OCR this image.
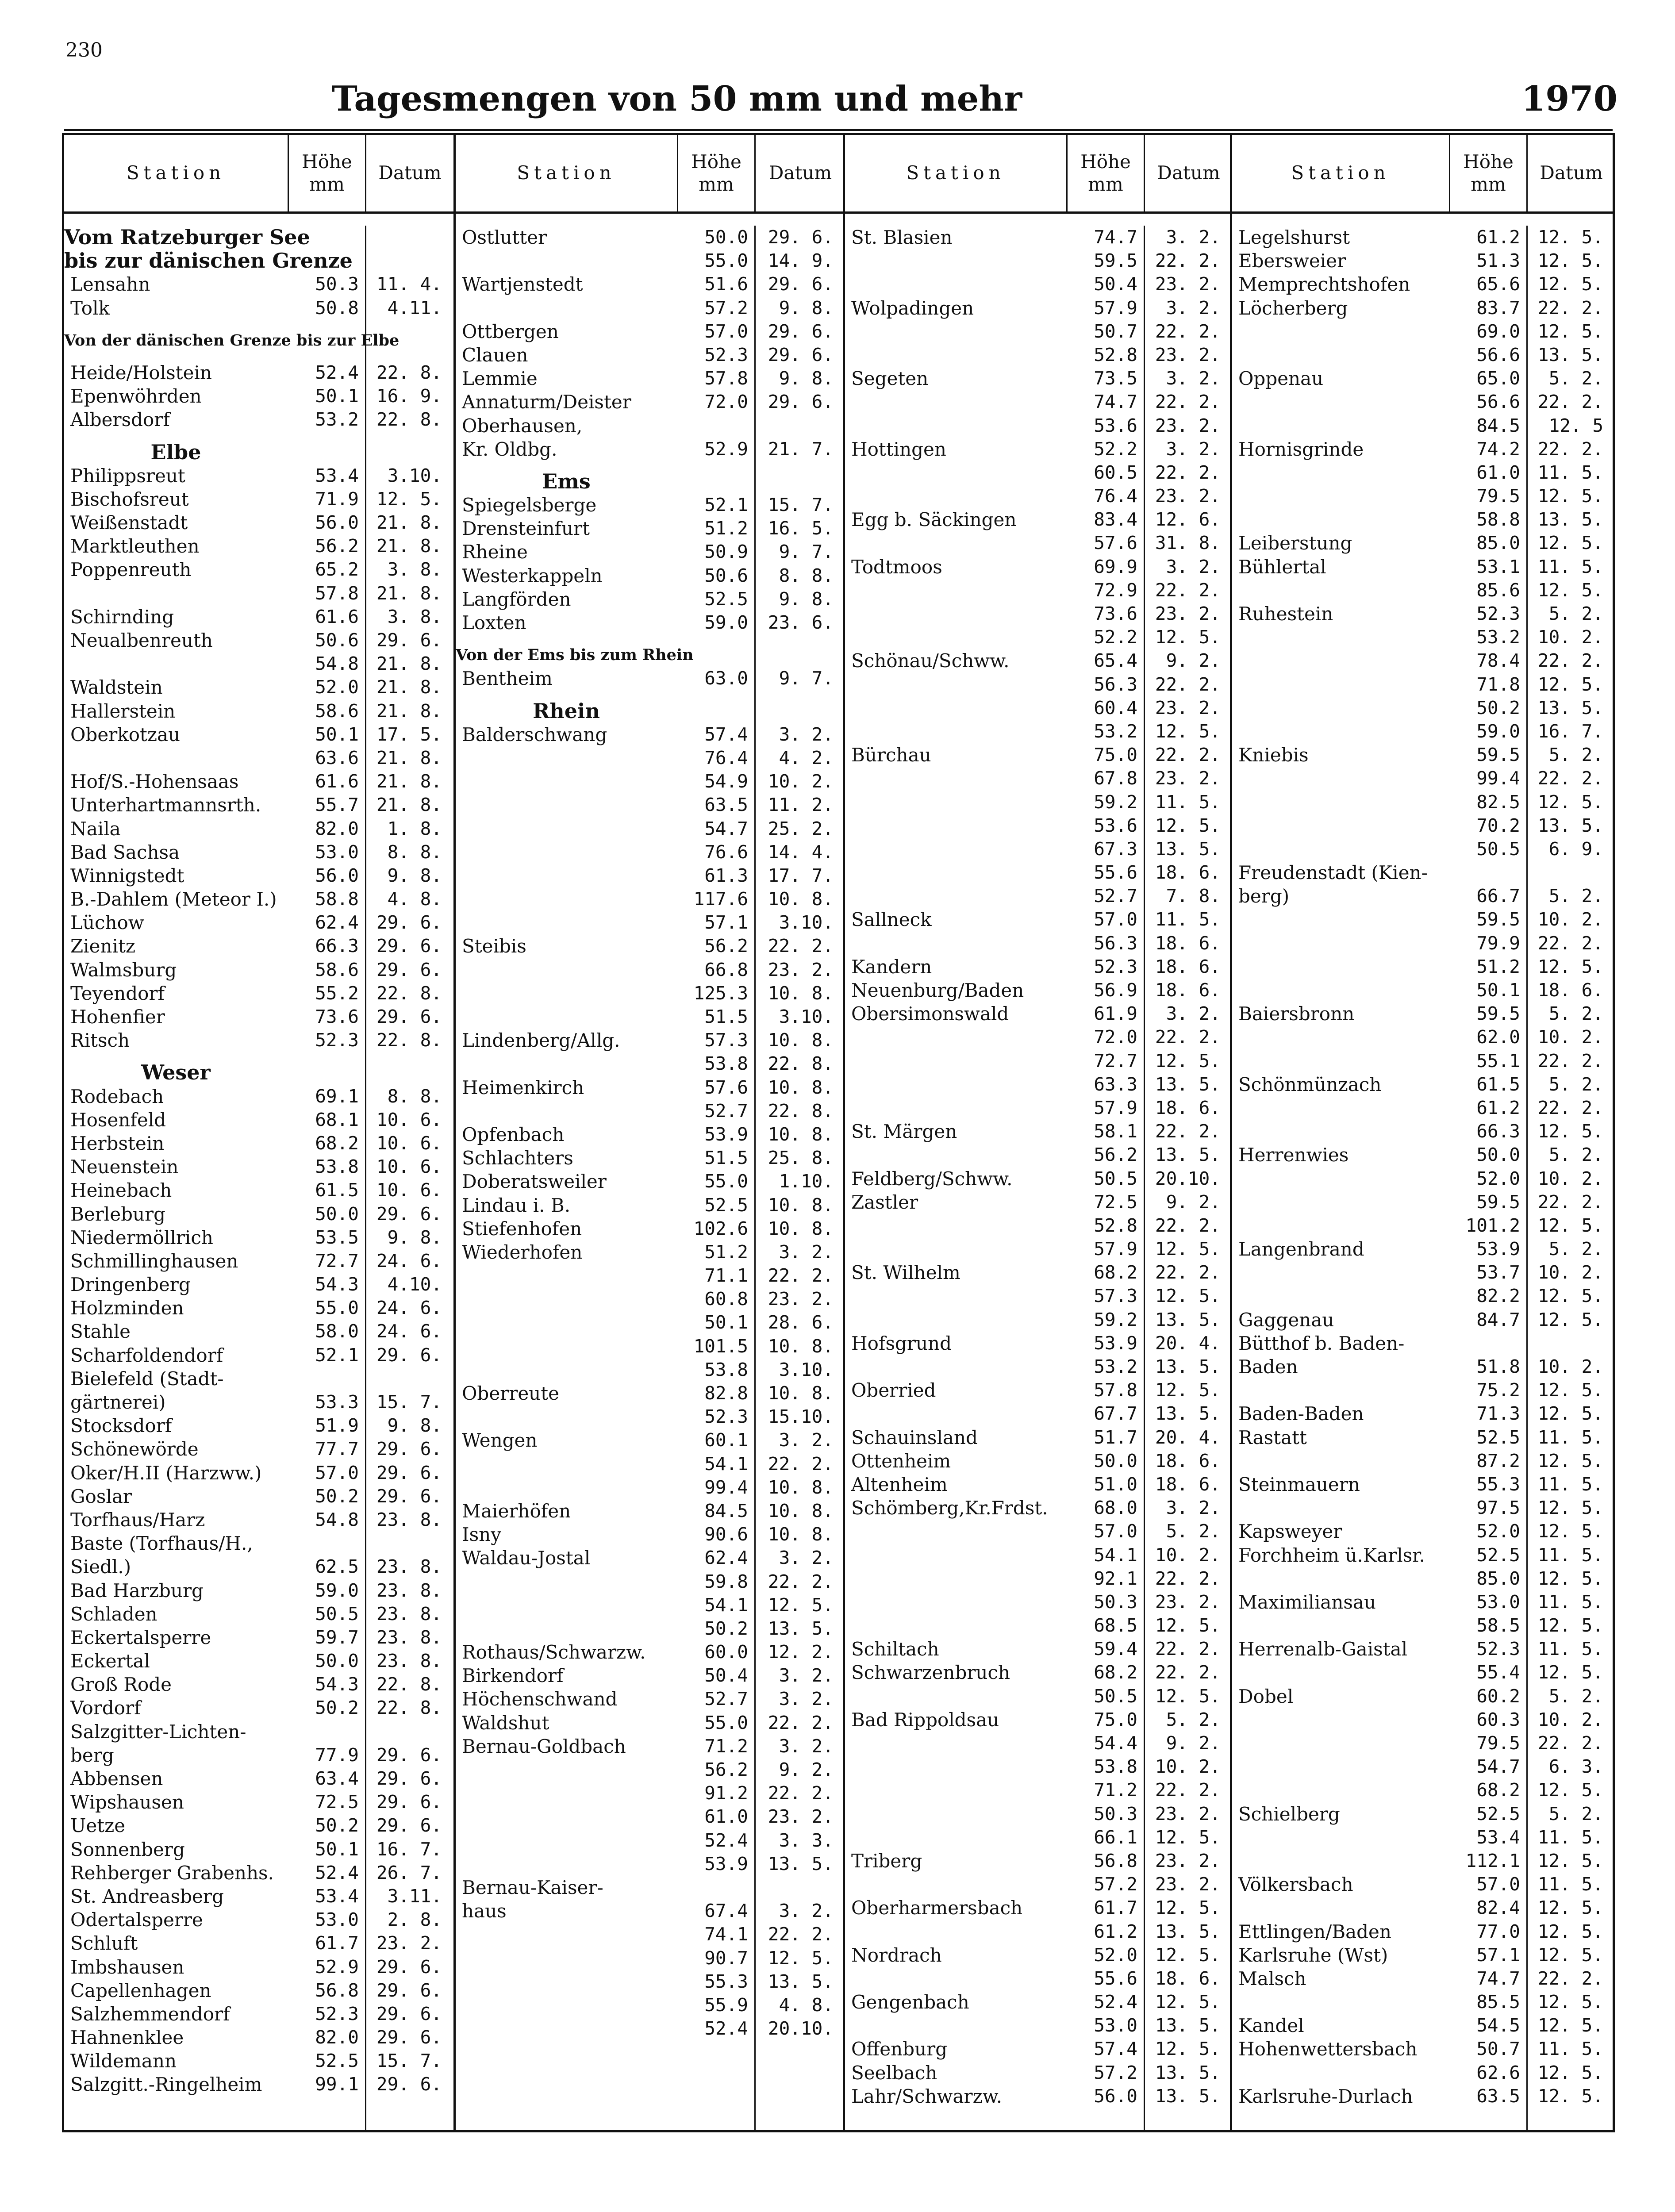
230
Tagesmengen von 50 mm und mehr	1970
Station
Höhe
mm
Datum
Vom Ratzeburger See
bis zur dänischen Grenze
Lensahn	50.3 11. 4.
Tolk	50.8	4.11.
Von der dänischen Grenze bis zur Elbe
Heide/Holstein	52.4 22. 8.
Epenwöhrden	50.1 16. 9.
Albersdorf	53.2 22. 8.
Elbe
Philippsreut	53.4	3.10.
Bischofsreut	71.9 12. 5.
Weißenstadt	56.0 21. 8.
Marktleuthen	56.2 21. 8.
Poppenreuth	65.2	3. 8.
57.8 21. 8.
Schirnding	61.6	3. 8.
Neualbenreuth	50.6 29. 6.
54.8 21. 8.
Waldstein	52.0 21. 8.
Hallerstein	58.6 21. 8.
Oberkotzau	50.1 17. 5.
63.6 21. 8.
Hof/S.-Hohensaas	61.6 21. 8.
Unterhartmannsrth.	55.7 21. 8.
Naila	82.0	1. 8.
Bad Sachsa	53.0	8. 8.
Winnigstedt	56.0	9. 8.
B.-Dahlem (Meteor I.)	58.8	4. 8.
Lüchow	62.4 29. 6.
Zienitz	66.3 29. 6.
Walmsburg	58.6 29. 6.
Teyendorf	55.2 22. 8.
Hohenfier	73.6 29. 6.
Ritsch	52.3 22. 8.
Weser
Rodebach	69.1	8. 8.
Hosenfeld	68.1 10. 6.
Herbstein	68.2 10. 6.
Neuenstein	53.8 10. 6.
Heinebach	61.5 10. 6.
Berleburg	50.0 29. 6.
Niedermöllrich	53.5	9. 8.
Schmillinghausen	72.7 24. 6.
Dringenberg	54.3	4.10.
Holzminden	55.0 24. 6.
Stahle	58.0 24. 6.
Scharfoldendorf	52.1 29. 6.
Bielefeld (Stadt-
gärtnerei)	53.3 15. 7.
Stocksdorf	51.9	9. 8.
Schönewörde	77.7 29. 6.
Oker/H.II (Harzww.)	57.0 29. 6.
Goslar	50.2 29. 6.
Torfhaus/Harz	54.8 23. 8.
Baste (Torfhaus/H.,
Siedl.)	62.5 23. 8.
Bad Harzburg	59.0 23. 8.
Schladen	50.5 23. 8.
Eckertalsperre	59.7 23. 8.
Eckertal	50.0 23. 8.
Groß Rode	54.3 22. 8.
Vordorf	50.2 22. 8.
Salzgitter-Lichten-
berg	77.9 29. 6.
Abbensen	63.4 29. 6.
Wipshausen	72.5 29. 6.
Uetze	50.2 29. 6.
Sonnenberg	50.1 16. 7.
Rehberger Grabenhs.	52.4 26. 7.
St. Andreasberg	53.4	3.11.
Odertalsperre	53.0	2. 8.
Schluft	61.7 23. 2.
Imbshausen	52.9 29. 6.
Capellenhagen	56.8 29. 6.
Salzhemmendorf	52.3 29. 6.
Hahnenklee	82.0 29. 6.
Wildemann	52.5 15. 7.
Salzgitt.-Ringelheim	99.1 29. 6.
Station
Höhe
mm
Datum
Ostlutter	50.0	29. 6.
55.0	14. 9.
Wartjenstedt	51.6	29. 6.
57.2	9. 8.
Ottbergen	57.0	29. 6.
Clauen	52.3	29. 6.
Lemmie	57.8	9. 8.
Annaturm/Deister	72.0	29. 6.
Oberhausen,
Kr. Oldbg.	52.9	21. 7.
Ems
Spiegelsberge	52.1	15. 7.
Drensteinfurt	51.2	16. 5.
Rheine	50.9	9. 7.
Westerkappeln	50.6	8. 8.
Langförden	52.5	9. 8.
Loxten	59.0	23. 6.
Von der Ems bis zum Rhein
Bentheim	63.0	9. 7.
Rhein
Balderschwang	57.4	3. 2.
76.4	4. 2.
54.9	10. 2.
63.5	11. 2.
54.7	25. 2.
76.6	14. 4.
61.3	17. 7.
117.6	10. 8.
57.1	3.10.
Steibis	56.2	22. 2.
66.8	23. 2.
125.3	10. 8.
51.5	3.10.
Lindenberg/Allg.	57.3	10. 8.
53.8	22. 8.
Heimenkirch	57.6	10. 8.
52.7	22. 8.
Opfenbach	53.9	10. 8.
Schlachters	51.5	25. 8.
Doberatsweiler	55.0	1.10.
Lindau i. B.	52.5	10. 8.
Stiefenhofen	102.6	10. 8.
Wiederhofen	51.2	3. 2.
71.1	22. 2.
60.8	23. 2.
50.1	28. 6.
101.5	10. 8.
53.8	3.10.
Oberreute	82.8	10. 8.
52.3	15.10.
Wengen	60.1	3. 2.
54.1	22. 2.
99.4	10. 8.
Maierhöfen	84.5	10. 8.
Isny	90.6	10. 8.
Waldau-Jostal	62.4	3. 2.
59.8	22. 2.
54.1	12. 5.
50.2	13. 5.
Rothaus/Schwarzw.	60.0	12. 2.
Birkendorf	50.4	3. 2.
Höchenschwand	52.7	3. 2.
Waldshut	55.0	22. 2.
Bernau-Goldbach	71.2	3. 2.
56.2	9. 2.
91.2	22. 2.
61.0	23. 2.
52.4	3. 3.
53.9	13. 5.
Bernau-Kaiser-
haus	67.4	3. 2.
74.1	22. 2.
90.7	12. 5.
55.3	13. 5.
55.9	4. 8.
52.4	20.10.
Station
Höhe
mm
Datum
St. Blasien	74.7	3. 2.
59.5 22. 2.
50.4 23. 2.
Wolpadingen	57.9	3. 2.
50.7 22. 2.
52.8 23. 2.
Segeten	73.5	3. 2.
74.7 22. 2.
53.6 23. 2.
Hottingen	52.2	3. 2.
60.5 22. 2.
76.4 23. 2.
Egg b. Säckingen	83.4 12. 6.
57.6 31. 8.
Todtmoos	69.9	3. 2.
72.9 22. 2.
73.6 23. 2.
52.2 12. 5.
Schönau/Schww.	65.4	9. 2.
56.3 22. 2.
60.4 23. 2.
53.2 12. 5.
Bürchau	75.0 22. 2.
67.8 23. 2.
59.2 11. 5.
53.6 12. 5.
67.3 13. 5.
55.6 18. 6.
52.7	7. 8.
Sallneck	57.0 11. 5.
56.3 18. 6.
Kandern	52.3 18. 6.
Neuenburg/Baden	56.9 18. 6.
Obersimonswald	61.9	3. 2.
72.0 22. 2.
72.7 12. 5.
63.3 13. 5.
57.9 18. 6.
St. Märgen	58.1 22. 2.
56.2 13. 5.
Feldberg/Schww.	50.5 20.10.
Zastler	72.5	9. 2.
52.8 22. 2.
57.9 12. 5.
St. Wilhelm	68.2 22. 2.
57.3 12. 5.
59.2 13. 5.
Hofsgrund	53.9 20. 4.
53.2 13. 5.
Oberried	57.8 12. 5.
67.7 13. 5.
Schauinsland	51.7 20. 4.
Ottenheim	50.0 18. 6.
Altenheim	51.0 18. 6.
Schömberg,Kr.Frdst.	68.0	3. 2.
57.0	5. 2.
54.1 10. 2.
92.1 22. 2.
50.3 23. 2.
68.5 12. 5.
Schiltach	59.4 22. 2.
Schwarzenbruch	68.2 22. 2.
50.5 12. 5.
Bad Rippoldsau	75.0	5. 2.
54.4	9. 2.
53.8 10. 2.
71.2 22. 2.
50.3 23. 2.
66.1 12. 5.
Triberg	56.8 23. 2.
57.2 23. 2.
Oberharmersbach	61.7 12. 5.
61.2 13. 5.
Nordrach	52.0 12. 5.
55.6 18. 6.
Gengenbach	52.4 12. 5.
53.0 13. 5.
Offenburg	57.4 12. 5.
Seelbach	57.2 13. 5.
Lahr/Schwarzw.	56.0 13. 5.
Station
Höhe
mm
Datum
Legelshurst	61.2 12. 5.
Ebersweier	51.3 12. 5.
Memprechtshofen	65.6 12. 5.
Löcherberg	83.7 22. 2.
69.0 12. 5.
56.6 13. 5.
Oppenau	65.0	5. 2.
56.6 22. 2.
84.5	12. 5
Hornisgrinde	74.2 22. 2.
61.0 11. 5.
79.5 12. 5.
58.8 13. 5.
Leiberstung	85.0 12. 5.
Bühlertal	53.1 11. 5.
85.6 12. 5.
Ruhestein	52.3	5. 2.
53.2 10. 2.
78.4 22. 2.
71.8 12. 5.
50.2 13. 5.
59.0 16. 7.
Kniebis	59.5	5. 2.
99.4 22. 2.
82.5 12. 5.
70.2 13. 5.
50.5	6. 9.
Freudenstadt (Kien-
berg)	66.7	5. 2.
59.5 10. 2.
79.9 22. 2.
51.2 12. 5.
50.1 18. 6.
Baiersbronn	59.5	5. 2.
62.0 10. 2.
55.1 22. 2.
Schönmünzach	61.5	5. 2.
61.2 22. 2.
66.3 12. 5.
Herrenwies	50.0	5. 2.
52.0 10. 2.
59.5 22. 2.
101.2 12. 5.
Langenbrand	53.9	5. 2.
53.7 10. 2.
82.2 12. 5.
Gaggenau	84.7 12. 5.
Bütthof b. Baden-
Baden	51.8 10. 2.
75.2 12. 5.
Baden-Baden	71.3 12. 5.
Rastatt	52.5 11. 5.
87.2 12. 5.
Steinmauern	55.3 11. 5.
97.5 12. 5.
Kapsweyer	52.0 12. 5.
Forchheim ü.Karlsr.	52.5 11. 5.
85.0 12. 5.
Maximiliansau	53.0 11. 5.
58.5 12. 5.
Herrenalb-Gaistal	52.3 11. 5.
55.4 12. 5.
Dobel	60.2	5. 2.
60.3 10. 2.
79.5 22. 2.
54.7	6. 3.
68.2 12. 5.
Schielberg	52.5	5. 2.
53.4 11. 5.
112.1 12. 5.
Völkersbach	57.0 11. 5.
82.4 12. 5.
Ettlingen/Baden	77.0 12. 5.
Karlsruhe (Wst)	57.1 12. 5.
Malsch	74.7 22. 2.
85.5 12. 5.
Kandel	54.5 12. 5.
Hohenwettersbach	50.7 11. 5.
62.6 12. 5.
Karlsruhe-Durlach	63.5 12. 5.
